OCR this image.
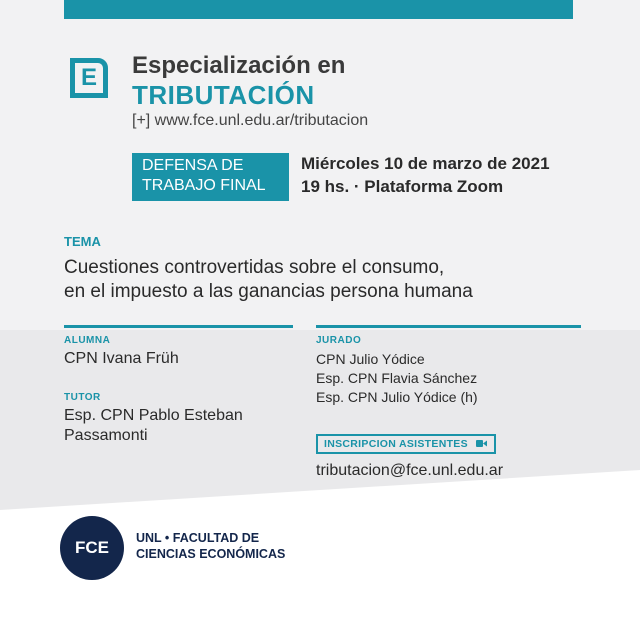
E	Especialización en
TRIBUTACIÓN
[+] www.fce.unl.edu.ar/tributacion
DEFENSA DE
TRABAJO FINAL
Miércoles 10 de marzo de 2021
19 hs. · Plataforma Zoom
TEMA
Cuestiones controvertidas sobre el consumo,
en el impuesto a las ganancias persona humana
ALUMNA
CPN Ivana Früh
TUTOR
Esp. CPN Pablo Esteban
Passamonti
JURADO
CPN Julio Yódice
Esp. CPN Flavia Sánchez
Esp. CPN Julio Yódice (h)
INSCRIPCION ASISTENTES
tributacion@fce.unl.edu.ar
FCE	UNL • FACULTAD DE
CIENCIAS ECONÓMICAS
